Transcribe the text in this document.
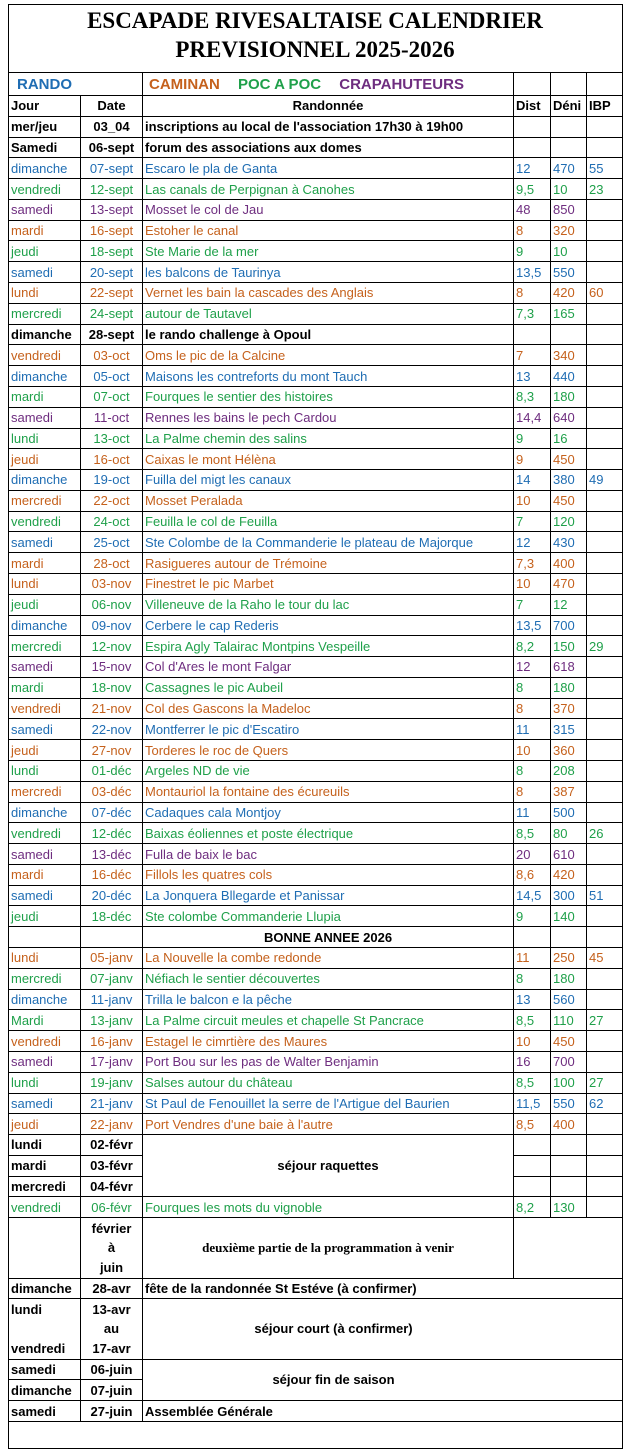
ESCAPADE RIVESALTAISE CALENDRIER
PREVISIONNEL 2025-2026
RANDO		CAMINAN POC A POC CRAPAHUTEURS			
Jour	Date	Randonnée	Dist	Déni	IBP
mer/jeu	03_04	inscriptions au local de l'association 17h30 à 19h00			
Samedi	06-sept	forum des associations aux domes			
dimanche	07-sept	Escaro le pla de Ganta	12	470	55
vendredi	12-sept	Las canals de Perpignan à Canohes	9,5	10	23
samedi	13-sept	Mosset le col de Jau	48	850	
mardi	16-sept	Estoher le canal	8	320	
jeudi	18-sept	Ste Marie de la mer	9	10	
samedi	20-sept	les balcons de Taurinya	13,5	550	
lundi	22-sept	Vernet les bain la cascades des Anglais	8	420	60
mercredi	24-sept	autour de Tautavel	7,3	165	
dimanche	28-sept	le rando challenge à Opoul			
vendredi	03-oct	Oms le pic de la Calcine	7	340	
dimanche	05-oct	Maisons les contreforts du mont Tauch	13	440	
mardi	07-oct	Fourques le sentier des histoires	8,3	180	
samedi	11-oct	Rennes les bains le pech Cardou	14,4	640	
lundi	13-oct	La Palme chemin des salins	9	16	
jeudi	16-oct	Caixas le mont Hélèna	9	450	
dimanche	19-oct	Fuilla del migt les canaux	14	380	49
mercredi	22-oct	Mosset Peralada	10	450	
vendredi	24-oct	Feuilla le col de Feuilla	7	120	
samedi	25-oct	Ste Colombe de la Commanderie le plateau de Majorque	12	430	
mardi	28-oct	Rasigueres autour de Trémoine	7,3	400	
lundi	03-nov	Finestret le pic Marbet	10	470	
jeudi	06-nov	Villeneuve de la Raho le tour du lac	7	12	
dimanche	09-nov	Cerbere le cap Rederis	13,5	700	
mercredi	12-nov	Espira Agly Talairac Montpins Vespeille	8,2	150	29
samedi	15-nov	Col d'Ares le mont Falgar	12	618	
mardi	18-nov	Cassagnes le pic Aubeil	8	180	
vendredi	21-nov	Col des Gascons la Madeloc	8	370	
samedi	22-nov	Montferrer le pic d'Escatiro	11	315	
jeudi	27-nov	Torderes le roc de Quers	10	360	
lundi	01-déc	Argeles ND de vie	8	208	
mercredi	03-déc	Montauriol la fontaine des écureuils	8	387	
dimanche	07-déc	Cadaques cala Montjoy	11	500	
vendredi	12-déc	Baixas éoliennes et poste électrique	8,5	80	26
samedi	13-déc	Fulla de baix le bac	20	610	
mardi	16-déc	Fillols les quatres cols	8,6	420	
samedi	20-déc	La Jonquera Bllegarde et Panissar	14,5	300	51
jeudi	18-déc	Ste colombe Commanderie Llupia	9	140	
		BONNE ANNEE 2026			
lundi	05-janv	La Nouvelle la combe redonde	11	250	45
mercredi	07-janv	Néfiach le sentier découvertes	8	180	
dimanche	11-janv	Trilla le balcon e la pêche	13	560	
Mardi	13-janv	La Palme circuit meules et chapelle St Pancrace	8,5	110	27
vendredi	16-janv	Estagel le cimrtière des Maures	10	450	
samedi	17-janv	Port Bou sur les pas de Walter Benjamin	16	700	
lundi	19-janv	Salses autour du château	8,5	100	27
samedi	21-janv	St Paul de Fenouillet la serre de l'Artigue del Baurien	11,5	550	62
jeudi	22-janv	Port Vendres d'une baie à l'autre	8,5	400	
lundi	02-févr	séjour raquettes			
mardi	03-févr				
mercredi	04-févr				
vendredi	06-févr	Fourques les mots du vignoble	8,2	130	
	février	deuxième partie de la programmation à venir			
	à				
	juin				
dimanche	28-avr	fête de la randonnée St Estéve (à confirmer)			
lundi	13-avr	séjour court (à confirmer)			
	au				
vendredi	17-avr				
samedi	06-juin	séjour fin de saison			
dimanche	07-juin				
samedi	27-juin	Assemblée Générale			
